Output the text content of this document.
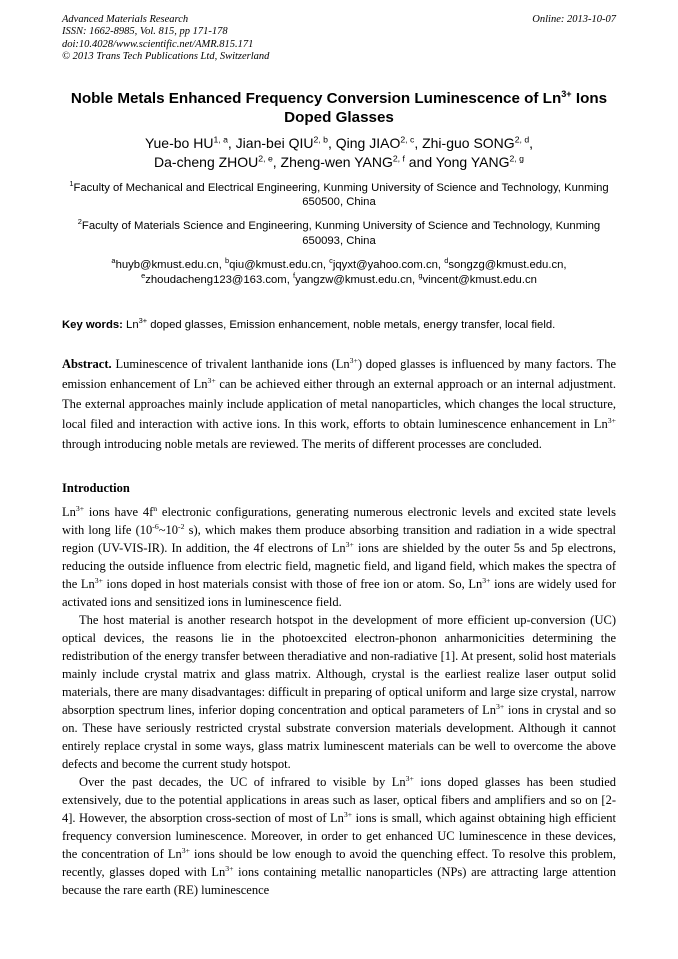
Advanced Materials Research
ISSN: 1662-8985, Vol. 815, pp 171-178
doi:10.4028/www.scientific.net/AMR.815.171
© 2013 Trans Tech Publications Ltd, Switzerland
Online: 2013-10-07
Noble Metals Enhanced Frequency Conversion Luminescence of $Ln^{3+}$ Ions Doped Glasses
Yue-bo HU$^{1, a}$, Jian-bei QIU$^{2, b}$, Qing JIAO$^{2, c}$, Zhi-guo SONG$^{2, d}$,
Da-cheng ZHOU$^{2, e}$, Zheng-wen YANG$^{2, f}$ and Yong YANG$^{2, g}$
$^1$Faculty of Mechanical and Electrical Engineering, Kunming University of Science and Technology, Kunming 650500, China
$^2$Faculty of Materials Science and Engineering, Kunming University of Science and Technology, Kunming 650093, China
$^a$huyb@kmust.edu.cn, $^b$qiu@kmust.edu.cn, $^c$jqyxt@yahoo.com.cn, $^d$songzg@kmust.edu.cn, $^e$zhoudacheng123@163.com, $^f$yangzw@kmust.edu.cn, $^g$vincent@kmust.edu.cn
Key words: $Ln^{3+}$ doped glasses, Emission enhancement, noble metals, energy transfer, local field.

Abstract. Luminescence of trivalent lanthanide ions $(Ln^{3+})$ doped glasses is influenced by many factors. The emission enhancement of $Ln^{3+}$ can be achieved either through an external approach or an internal adjustment. The external approaches mainly include application of metal nanoparticles, which changes the local structure, local filed and interaction with active ions. In this work, efforts to obtain luminescence enhancement in $Ln^{3+}$ through introducing noble metals are reviewed. The merits of different processes are concluded.

Introduction

$Ln^{3+}$ ions have $4f^n$ electronic configurations, generating numerous electronic levels and excited state levels with long life ($10^{-6}\sim 10^{-2}$ s), which makes them produce absorbing transition and radiation in a wide spectral region (UV-VIS-IR). In addition, the 4f electrons of $Ln^{3+}$ ions are shielded by the outer 5s and 5p electrons, reducing the outside influence from electric field, magnetic field, and ligand field, which makes the spectra of the $Ln^{3+}$ ions doped in host materials consist with those of free ion or atom. So, $Ln^{3+}$ ions are widely used for activated ions and sensitized ions in luminescence field.

The host material is another research hotspot in the development of more efficient up-conversion (UC) optical devices, the reasons lie in the photoexcited electron-phonon anharmonicities determining the redistribution of the energy transfer between theradiative and non-radiative [1]. At present, solid host materials mainly include crystal matrix and glass matrix. Although, crystal is the earliest realize laser output solid materials, there are many disadvantages: difficult in preparing of optical uniform and large size crystal, narrow absorption spectrum lines, inferior doping concentration and optical parameters of $Ln^{3+}$ ions in crystal and so on. These have seriously restricted crystal substrate conversion materials development. Although it cannot entirely replace crystal in some ways, glass matrix luminescent materials can be well to overcome the above defects and become the current study hotspot.

Over the past decades, the UC of infrared to visible by $Ln^{3+}$ ions doped glasses has been studied extensively, due to the potential applications in areas such as laser, optical fibers and amplifiers and so on [2-4]. However, the absorption cross-section of most of $Ln^{3+}$ ions is small, which against obtaining high efficient frequency conversion luminescence. Moreover, in order to get enhanced UC luminescence in these devices, the concentration of $Ln^{3+}$ ions should be low enough to avoid the quenching effect. To resolve this problem, recently, glasses doped with $Ln^{3+}$ ions containing metallic nanoparticles (NPs) are attracting large attention because the rare earth (RE) luminescence
